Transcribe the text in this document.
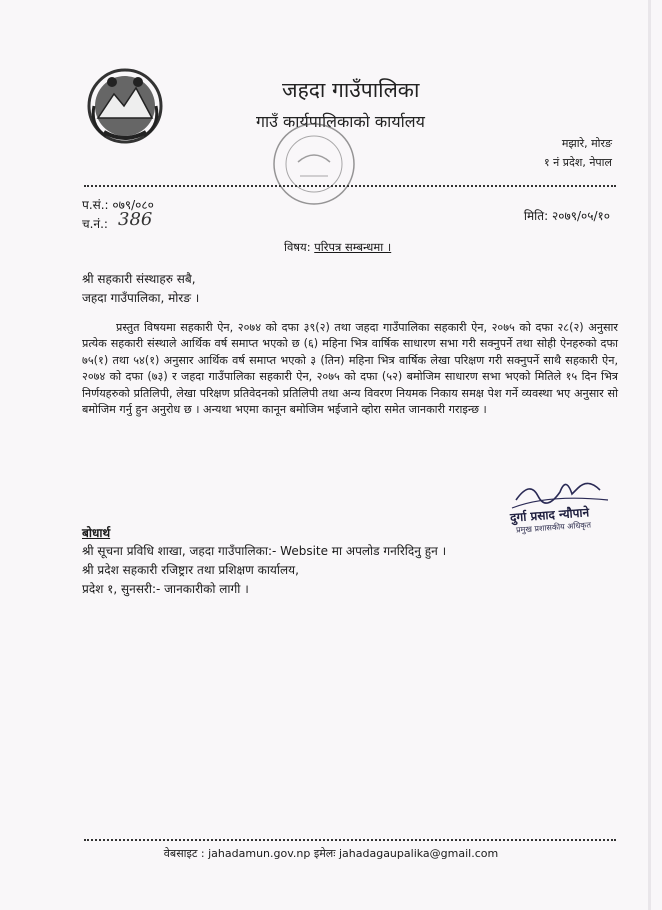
जहदा गाउँपालिका
गाउँ कार्यपालिकाको कार्यालय
मझारे, मोरङ
१ नं प्रदेश, नेपाल
प.सं.: ०७९/०८०
च.नं.: 386	मिति: २०७९/०५/१०
विषय: परिपत्र सम्बन्धमा ।
श्री सहकारी संस्थाहरु सबै,
जहदा गाउँपालिका, मोरङ ।
प्रस्तुत विषयमा सहकारी ऐन, २०७४ को दफा ३९(२) तथा जहदा गाउँपालिका सहकारी ऐन, २०७५ को दफा २८(२) अनुसार प्रत्येक सहकारी संस्थाले आर्थिक वर्ष समाप्त भएको छ (६) महिना भित्र वार्षिक साधारण सभा गरी सक्नुपर्ने तथा सोही ऐनहरुको दफा ७५(१) तथा ५४(१) अनुसार आर्थिक वर्ष समाप्त भएको ३ (तिन) महिना भित्र वार्षिक लेखा परिक्षण गरी सक्नुपर्ने साथै सहकारी ऐन, २०७४ को दफा (७३) र जहदा गाउँपालिका सहकारी ऐन, २०७५ को दफा (५२) बमोजिम साधारण सभा भएको मितिले १५ दिन भित्र निर्णयहरुको प्रतिलिपी, लेखा परिक्षण प्रतिवेदनको प्रतिलिपी तथा अन्य विवरण नियमक निकाय समक्ष पेश गर्ने व्यवस्था भए अनुसार सो बमोजिम गर्नु हुन अनुरोध छ । अन्यथा भएमा कानून बमोजिम भईजाने व्होरा समेत जानकारी गराइन्छ ।
दुर्गा प्रसाद न्यौपाने
प्रमुख प्रशासकीय अधिकृत
बोधार्थ
श्री सूचना प्रविधि शाखा, जहदा गाउँपालिका:- Website मा अपलोड गनरिदिनु हुन ।
श्री प्रदेश सहकारी रजिष्ट्रार तथा प्रशिक्षण कार्यालय,
प्रदेश १, सुनसरी:- जानकारीको लागी ।
वेबसाइट : jahadamun.gov.np इमेलः jahadagaupalika@gmail.com
